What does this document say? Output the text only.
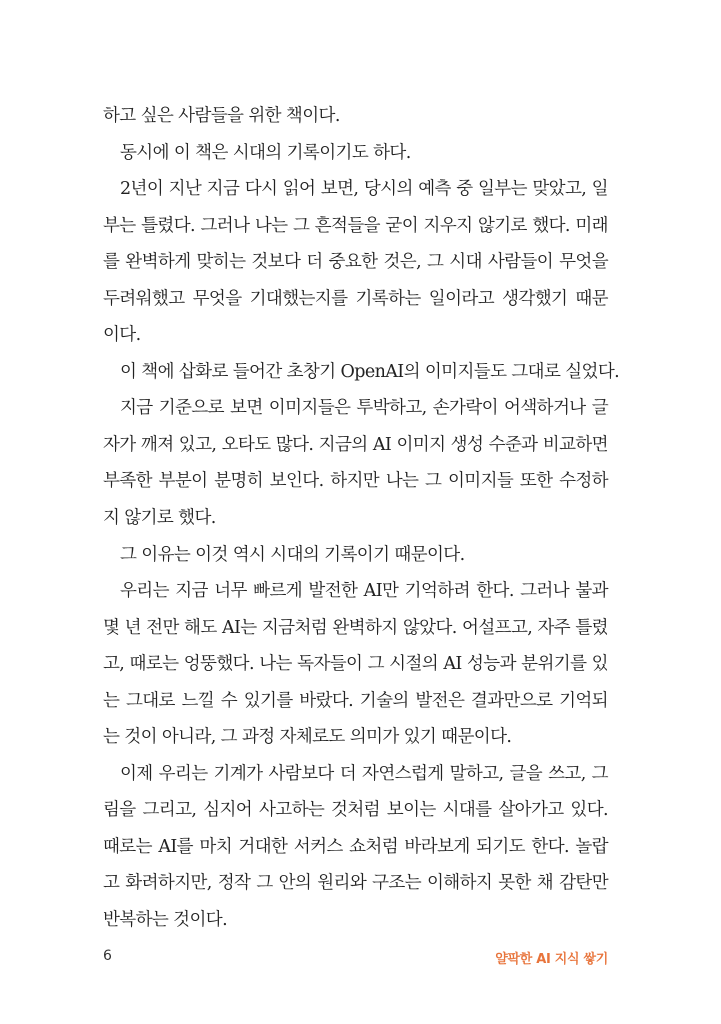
하고 싶은 사람들을 위한 책이다.
동시에 이 책은 시대의 기록이기도 하다.
2년이 지난 지금 다시 읽어 보면, 당시의 예측 중 일부는 맞았고, 일
부는 틀렸다. 그러나 나는 그 흔적들을 굳이 지우지 않기로 했다. 미래
를 완벽하게 맞히는 것보다 더 중요한 것은, 그 시대 사람들이 무엇을
두려워했고 무엇을 기대했는지를 기록하는 일이라고 생각했기 때문
이다.
이 책에 삽화로 들어간 초창기 OpenAI의 이미지들도 그대로 실었다.
지금 기준으로 보면 이미지들은 투박하고, 손가락이 어색하거나 글
자가 깨져 있고, 오타도 많다. 지금의 AI 이미지 생성 수준과 비교하면
부족한 부분이 분명히 보인다. 하지만 나는 그 이미지들 또한 수정하
지 않기로 했다.
그 이유는 이것 역시 시대의 기록이기 때문이다.
우리는 지금 너무 빠르게 발전한 AI만 기억하려 한다. 그러나 불과
몇 년 전만 해도 AI는 지금처럼 완벽하지 않았다. 어설프고, 자주 틀렸
고, 때로는 엉뚱했다. 나는 독자들이 그 시절의 AI 성능과 분위기를 있
는 그대로 느낄 수 있기를 바랐다. 기술의 발전은 결과만으로 기억되
는 것이 아니라, 그 과정 자체로도 의미가 있기 때문이다.
이제 우리는 기계가 사람보다 더 자연스럽게 말하고, 글을 쓰고, 그
림을 그리고, 심지어 사고하는 것처럼 보이는 시대를 살아가고 있다.
때로는 AI를 마치 거대한 서커스 쇼처럼 바라보게 되기도 한다. 놀랍
고 화려하지만, 정작 그 안의 원리와 구조는 이해하지 못한 채 감탄만
반복하는 것이다.
6	얄팍한 AI 지식 쌓기
